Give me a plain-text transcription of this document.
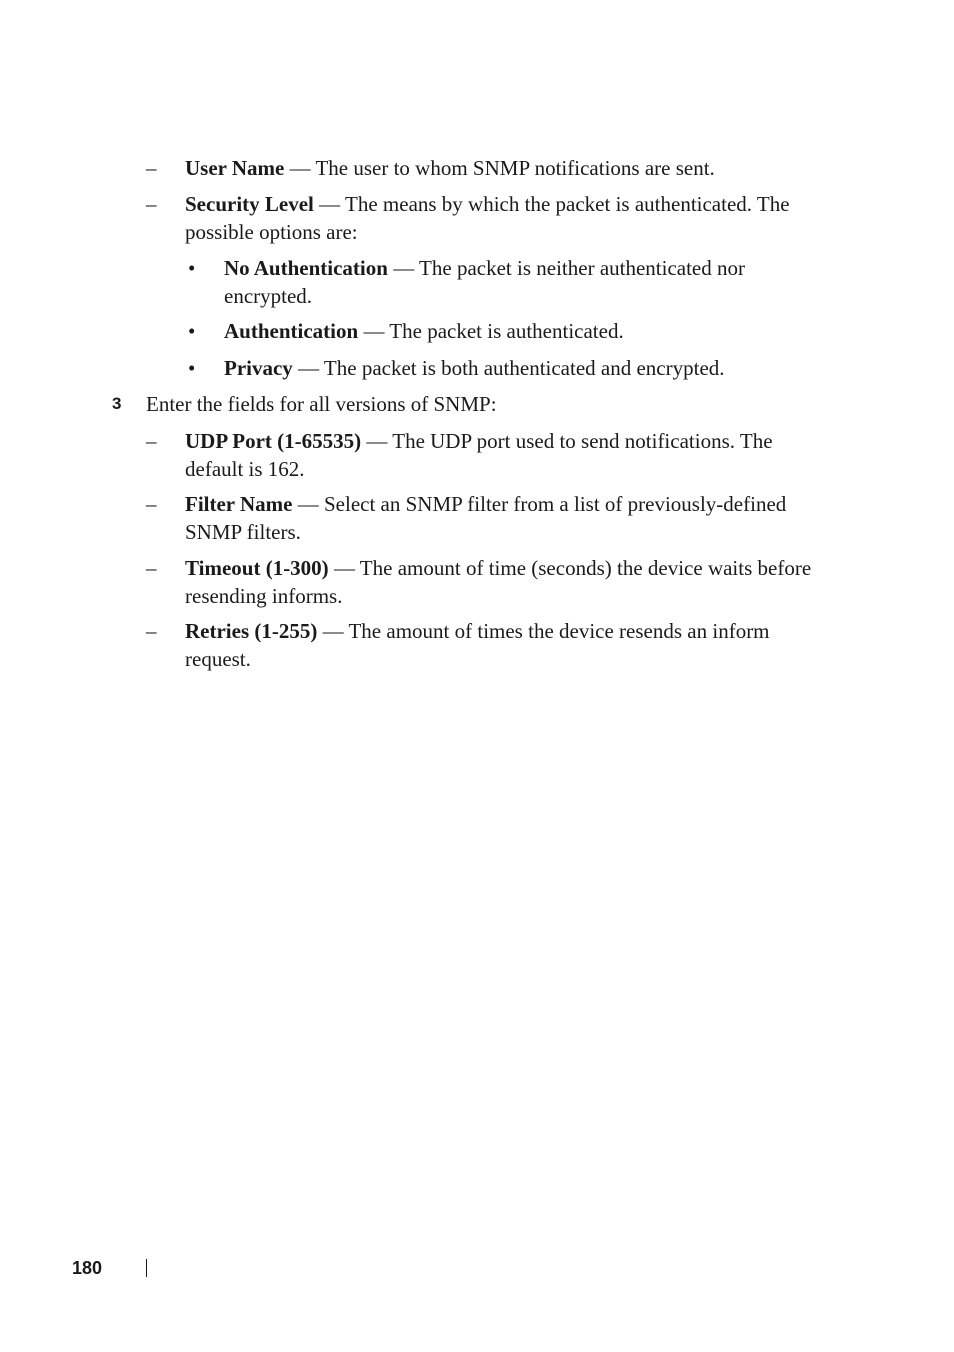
– User Name — The user to whom SNMP notifications are sent.
– Security Level — The means by which the packet is authenticated. The possible options are:
• No Authentication — The packet is neither authenticated nor encrypted.
• Authentication — The packet is authenticated.
• Privacy — The packet is both authenticated and encrypted.
3 Enter the fields for all versions of SNMP:
– UDP Port (1-65535) — The UDP port used to send notifications. The default is 162.
– Filter Name — Select an SNMP filter from a list of previously-defined SNMP filters.
– Timeout (1-300) — The amount of time (seconds) the device waits before resending informs.
– Retries (1-255) — The amount of times the device resends an inform request.
180
